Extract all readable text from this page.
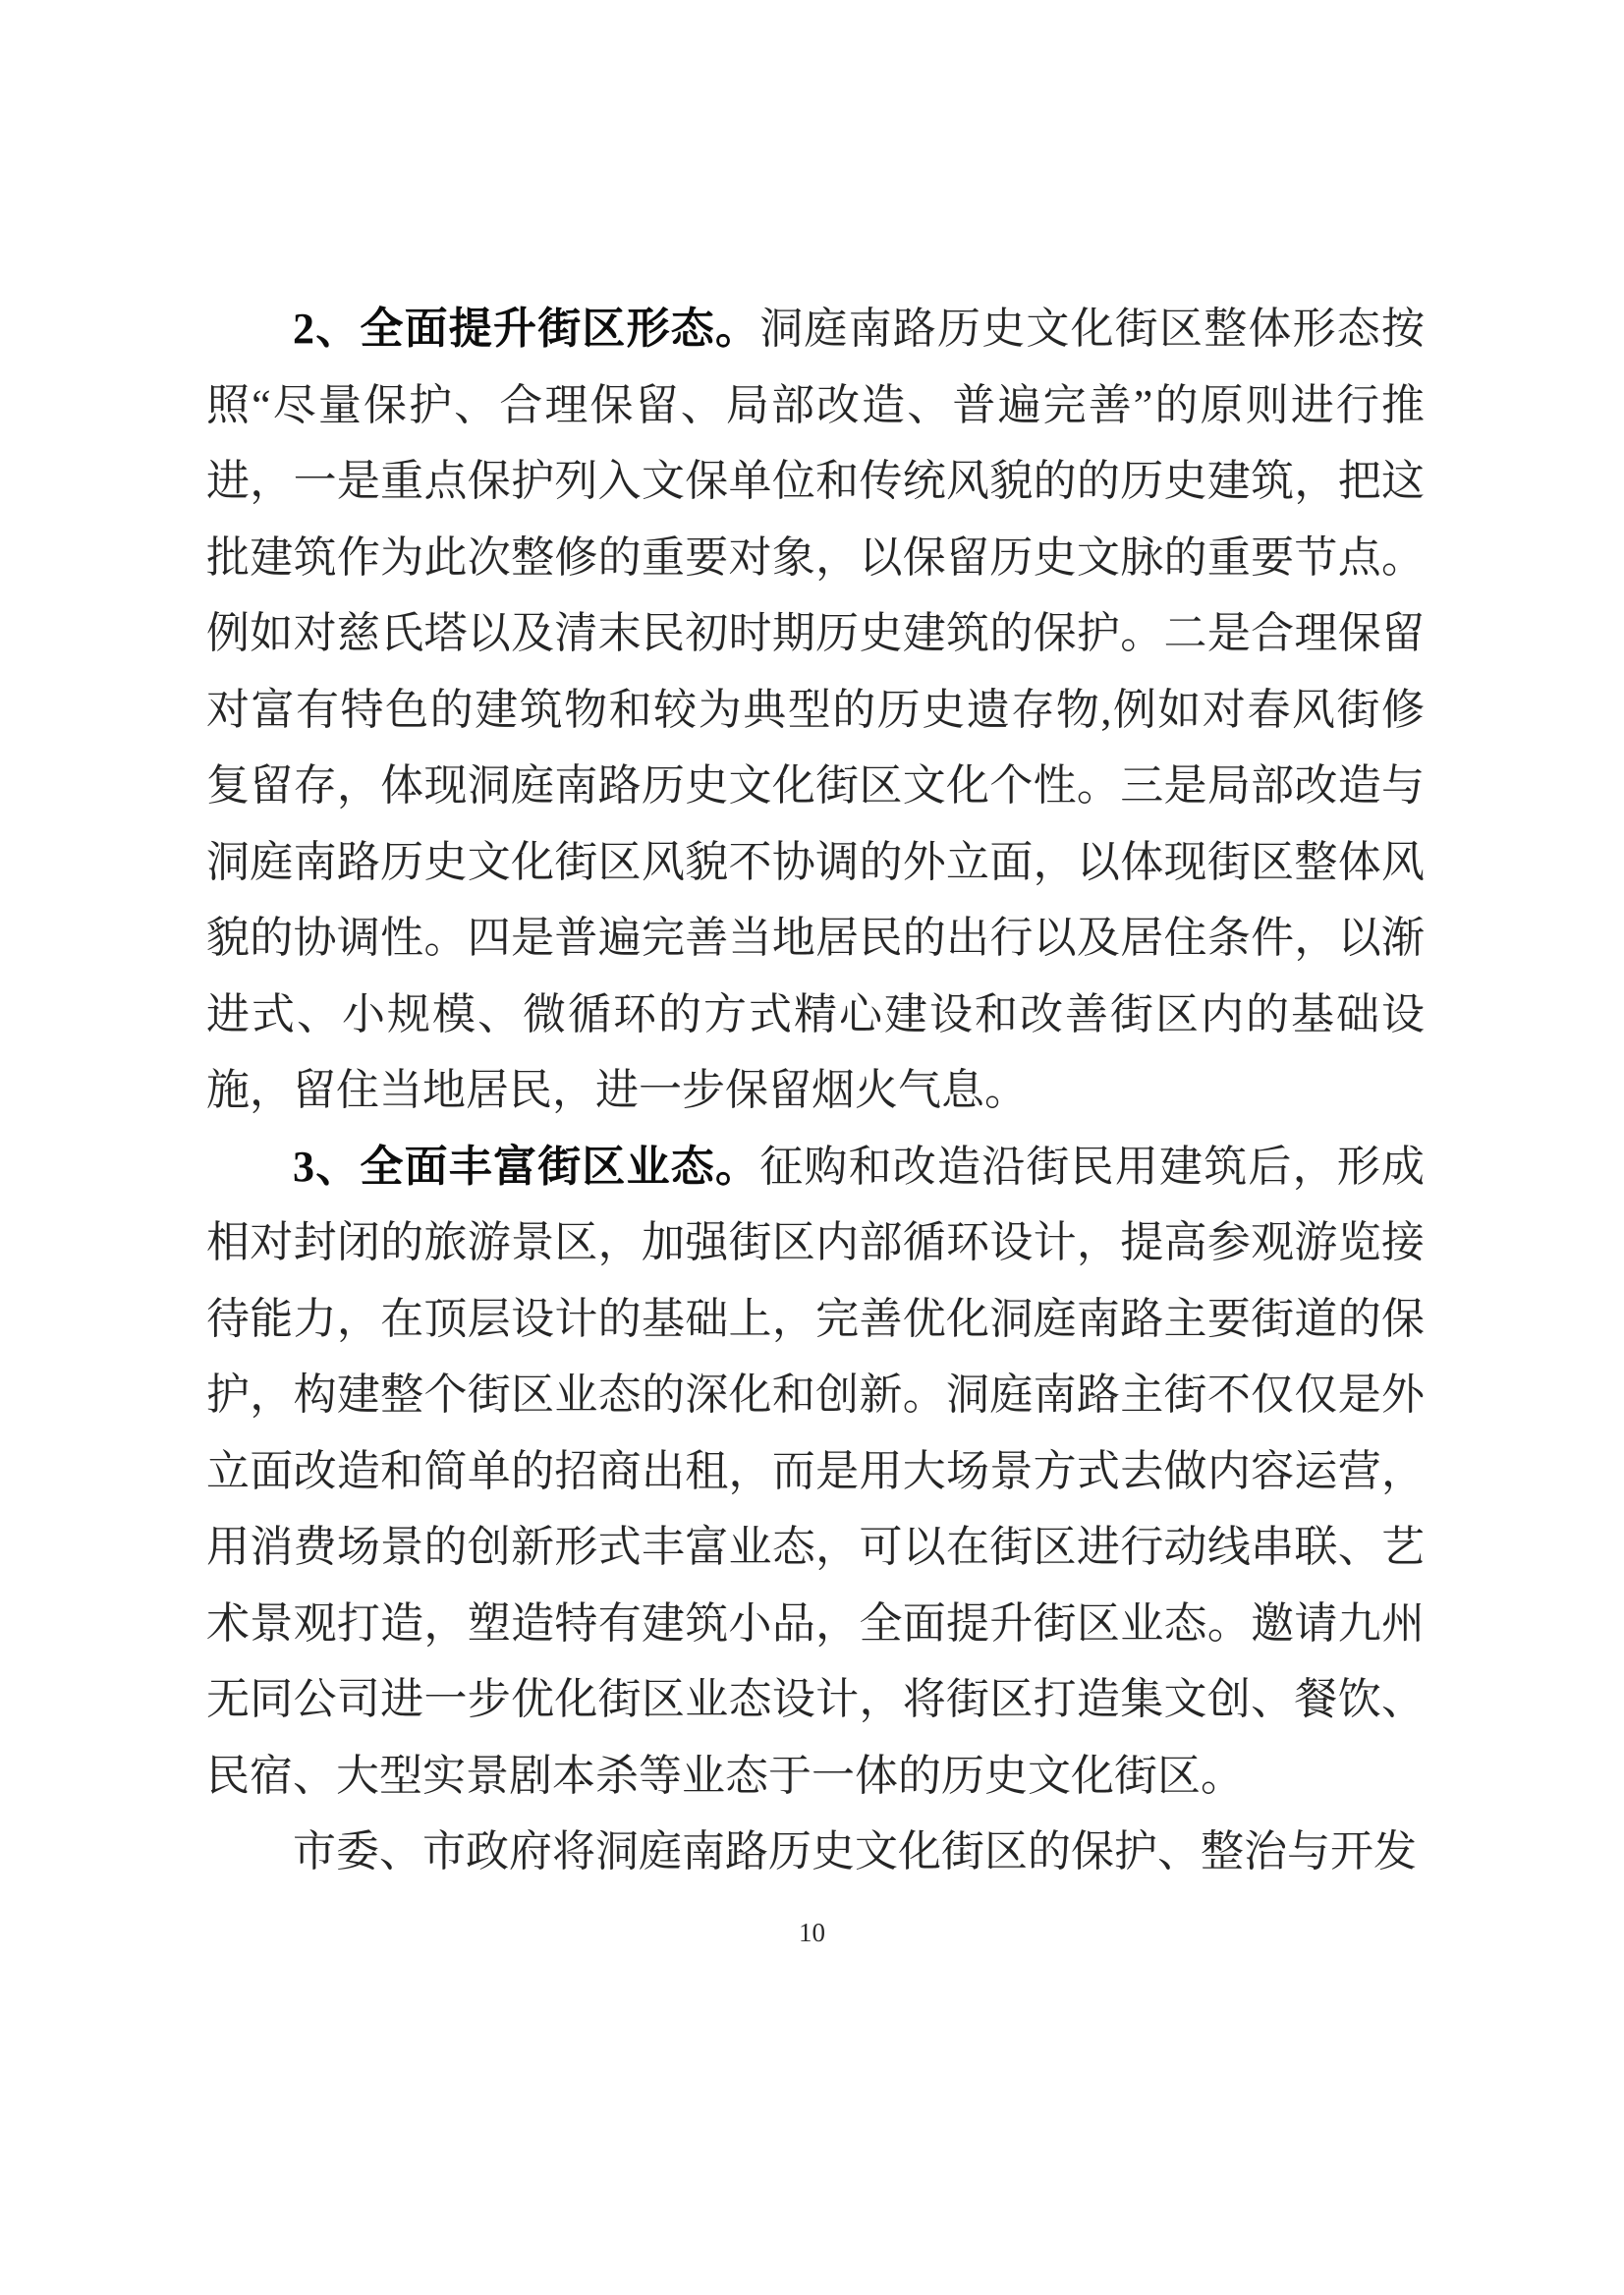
2、全面提升街区形态。洞庭南路历史文化街区整体形态按照“尽量保护、合理保留、局部改造、普遍完善”的原则进行推进，一是重点保护列入文保单位和传统风貌的的历史建筑，把这批建筑作为此次整修的重要对象，以保留历史文脉的重要节点。例如对慈氏塔以及清末民初时期历史建筑的保护。二是合理保留对富有特色的建筑物和较为典型的历史遗存物,例如对春风街修复留存，体现洞庭南路历史文化街区文化个性。三是局部改造与洞庭南路历史文化街区风貌不协调的外立面，以体现街区整体风貌的协调性。四是普遍完善当地居民的出行以及居住条件，以渐进式、小规模、微循环的方式精心建设和改善街区内的基础设施，留住当地居民，进一步保留烟火气息。

3、全面丰富街区业态。征购和改造沿街民用建筑后，形成相对封闭的旅游景区，加强街区内部循环设计，提高参观游览接待能力，在顶层设计的基础上，完善优化洞庭南路主要街道的保护，构建整个街区业态的深化和创新。洞庭南路主街不仅仅是外立面改造和简单的招商出租，而是用大场景方式去做内容运营，用消费场景的创新形式丰富业态，可以在街区进行动线串联、艺术景观打造，塑造特有建筑小品，全面提升街区业态。邀请九州无同公司进一步优化街区业态设计，将街区打造集文创、餐饮、民宿、大型实景剧本杀等业态于一体的历史文化街区。

市委、市政府将洞庭南路历史文化街区的保护、整治与开发

10
